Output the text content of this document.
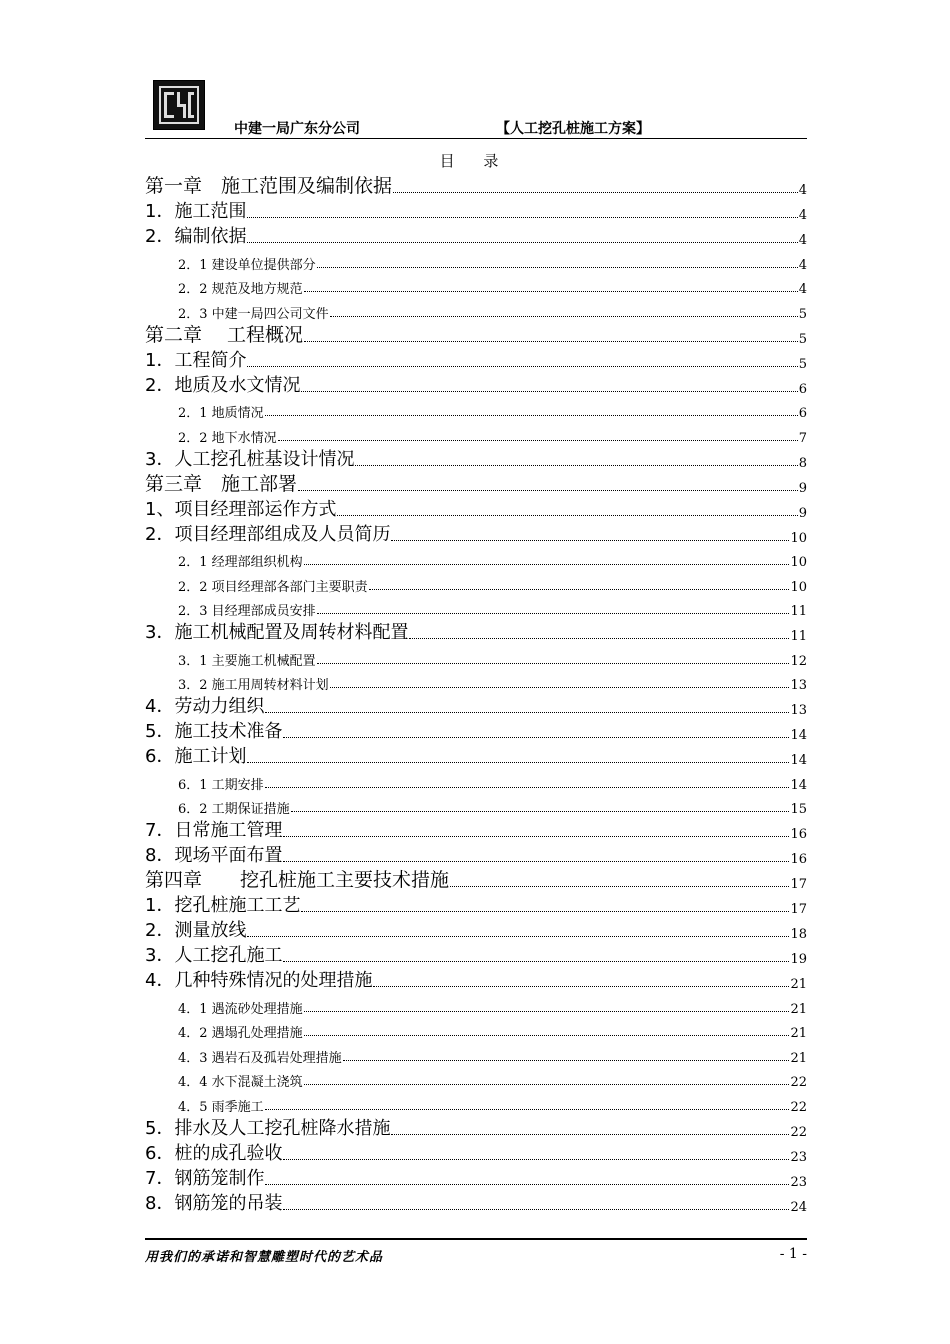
中建一局广东分公司	【人工挖孔桩施工方案】
目 录
第一章　施工范围及编制依据	4
1．施工范围	4
2．编制依据	4
2．1 建设单位提供部分	4
2．2 规范及地方规范	4
2．3 中建一局四公司文件	5
第二章　 工程概况	5
1．工程简介	5
2．地质及水文情况	6
2．1 地质情况	6
2．2 地下水情况	7
3．人工挖孔桩基设计情况	8
第三章　施工部署	9
1、项目经理部运作方式	9
2．项目经理部组成及人员简历	10
2．1 经理部组织机构	10
2．2 项目经理部各部门主要职责	10
2．3 目经理部成员安排	11
3．施工机械配置及周转材料配置	11
3．1 主要施工机械配置	12
3．2 施工用周转材料计划	13
4．劳动力组织	13
5．施工技术准备	14
6．施工计划	14
6．1 工期安排	14
6．2 工期保证措施	15
7．日常施工管理	16
8．现场平面布置	16
第四章　　挖孔桩施工主要技术措施	17
1．挖孔桩施工工艺	17
2．测量放线	18
3．人工挖孔施工	19
4．几种特殊情况的处理措施	21
4．1 遇流砂处理措施	21
4．2 遇塌孔处理措施	21
4．3 遇岩石及孤岩处理措施	21
4．4 水下混凝土浇筑	22
4．5 雨季施工	22
5．排水及人工挖孔桩降水措施	22
6．桩的成孔验收	23
7．钢筋笼制作	23
8．钢筋笼的吊装	24
用我们的承诺和智慧雕塑时代的艺术品	- 1 -
